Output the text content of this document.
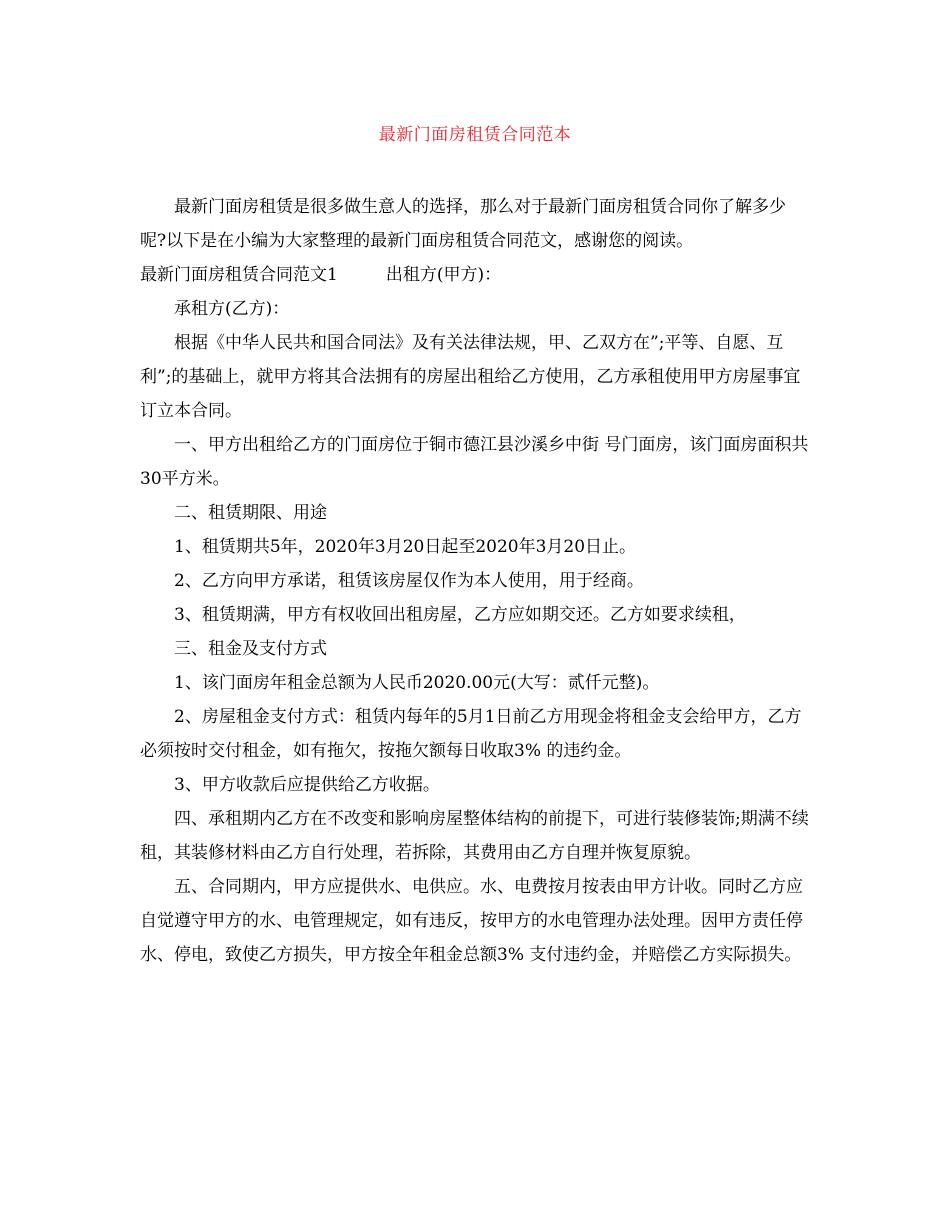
最新门面房租赁合同范本

最新门面房租赁是很多做生意人的选择，那么对于最新门面房租赁合同你了解多少呢?以下是在小编为大家整理的最新门面房租赁合同范文，感谢您的阅读。

最新门面房租赁合同范文1	出租方(甲方)：

承租方(乙方)：

根据《中华人民共和国合同法》及有关法律法规，甲、乙双方在”;平等、自愿、互利”;的基础上，就甲方将其合法拥有的房屋出租给乙方使用，乙方承租使用甲方房屋事宜订立本合同。

一、甲方出租给乙方的门面房位于铜市德江县沙溪乡中街 号门面房，该门面房面积共30平方米。

二、租赁期限、用途

1、租赁期共5年，2020年3月20日起至2020年3月20日止。

2、乙方向甲方承诺，租赁该房屋仅作为本人使用，用于经商。

3、租赁期满，甲方有权收回出租房屋，乙方应如期交还。乙方如要求续租，

三、租金及支付方式

1、该门面房年租金总额为人民币2020.00元(大写：贰仟元整)。

2、房屋租金支付方式：租赁内每年的5月1日前乙方用现金将租金支会给甲方，乙方必须按时交付租金，如有拖欠，按拖欠额每日收取3% 的违约金。

3、甲方收款后应提供给乙方收据。

四、承租期内乙方在不改变和影响房屋整体结构的前提下，可进行装修装饰;期满不续租，其装修材料由乙方自行处理，若拆除，其费用由乙方自理并恢复原貌。

五、合同期内，甲方应提供水、电供应。水、电费按月按表由甲方计收。同时乙方应自觉遵守甲方的水、电管理规定，如有违反，按甲方的水电管理办法处理。因甲方责任停水、停电，致使乙方损失，甲方按全年租金总额3% 支付违约金，并赔偿乙方实际损失。
